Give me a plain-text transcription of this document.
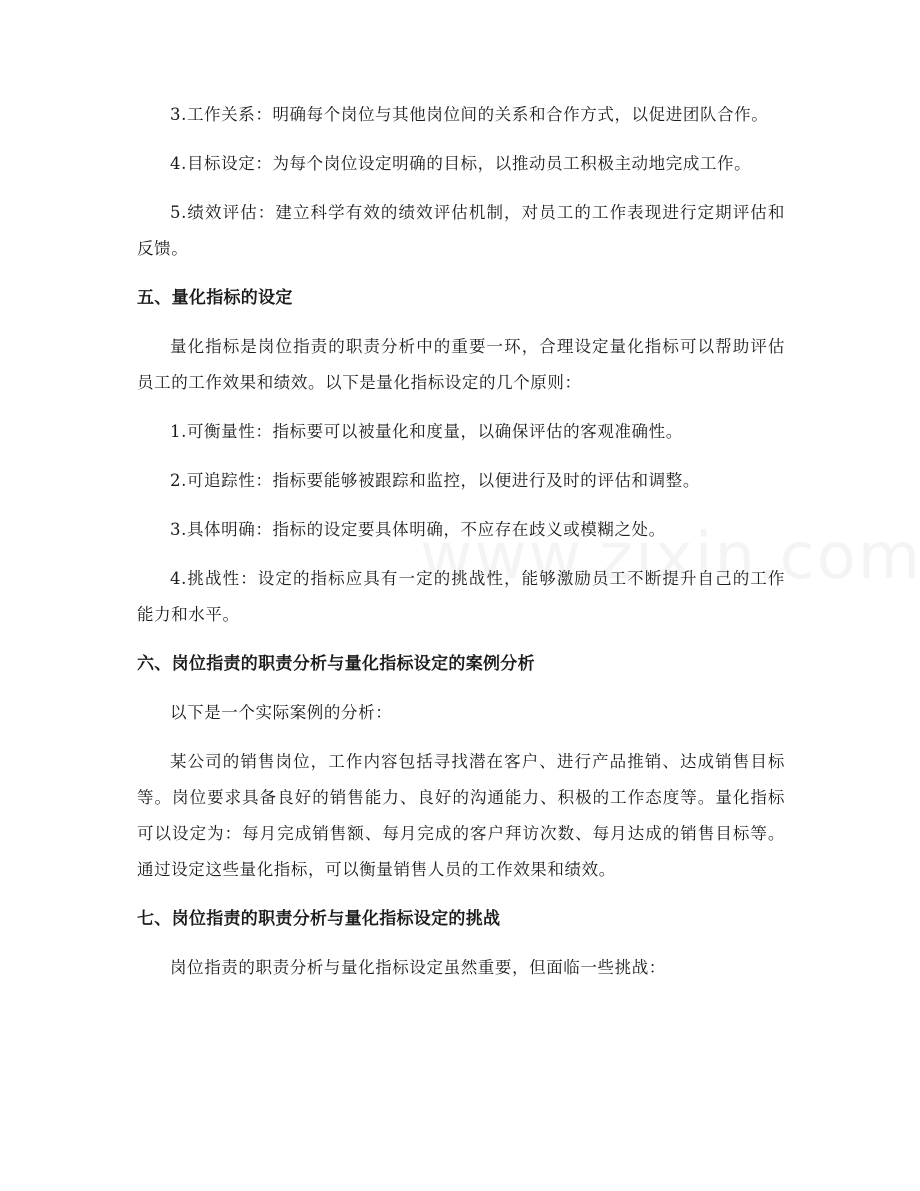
3.工作关系：明确每个岗位与其他岗位间的关系和合作方式，以促进团队合作。

4.目标设定：为每个岗位设定明确的目标，以推动员工积极主动地完成工作。

5.绩效评估：建立科学有效的绩效评估机制，对员工的工作表现进行定期评估和反馈。

五、量化指标的设定

量化指标是岗位指责的职责分析中的重要一环，合理设定量化指标可以帮助评估员工的工作效果和绩效。以下是量化指标设定的几个原则：

1.可衡量性：指标要可以被量化和度量，以确保评估的客观准确性。

2.可追踪性：指标要能够被跟踪和监控，以便进行及时的评估和调整。

3.具体明确：指标的设定要具体明确，不应存在歧义或模糊之处。

4.挑战性：设定的指标应具有一定的挑战性，能够激励员工不断提升自己的工作能力和水平。

六、岗位指责的职责分析与量化指标设定的案例分析

以下是一个实际案例的分析：

某公司的销售岗位，工作内容包括寻找潜在客户、进行产品推销、达成销售目标等。岗位要求具备良好的销售能力、良好的沟通能力、积极的工作态度等。量化指标可以设定为：每月完成销售额、每月完成的客户拜访次数、每月达成的销售目标等。通过设定这些量化指标，可以衡量销售人员的工作效果和绩效。

七、岗位指责的职责分析与量化指标设定的挑战

岗位指责的职责分析与量化指标设定虽然重要，但面临一些挑战：
